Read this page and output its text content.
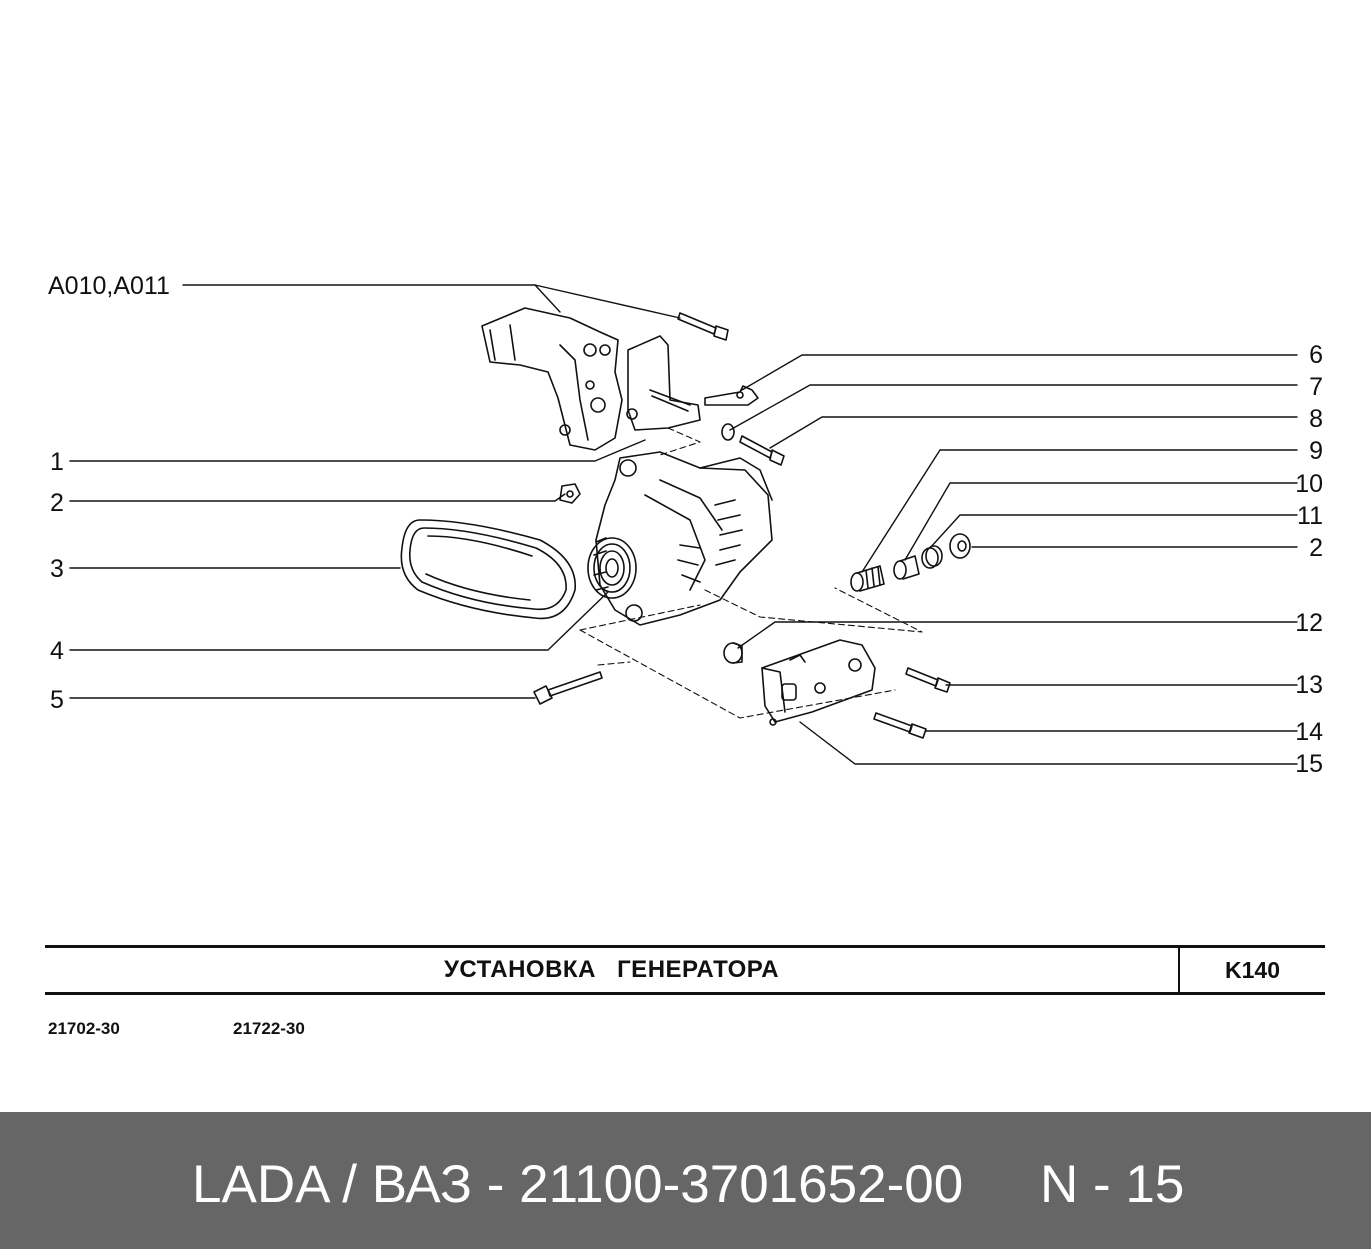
A010,A011
1
2
3
4
5
6
7
8
9
10
11
2
12
13
14
15
УСТАНОВКА ГЕНЕРАТОРА	K140
21702-30	21722-30
LADA / ВАЗ - 21100-3701652-00 N - 15
